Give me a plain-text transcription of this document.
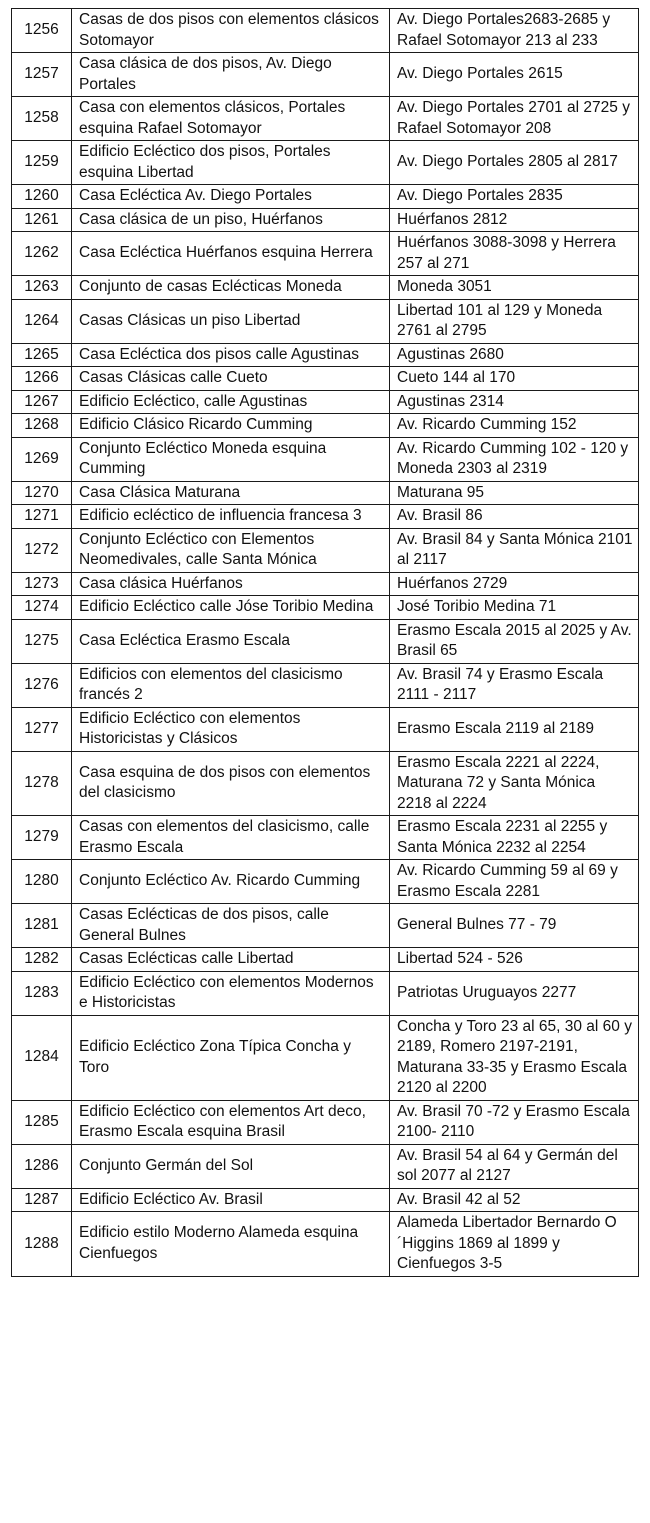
1256	Casas de dos pisos con elementos clásicos Sotomayor	Av. Diego Portales2683-2685 y Rafael Sotomayor 213 al 233
1257	Casa clásica de dos pisos, Av. Diego Portales	Av. Diego Portales 2615
1258	Casa con elementos clásicos, Portales esquina Rafael Sotomayor	Av. Diego Portales 2701 al 2725 y Rafael Sotomayor 208
1259	Edificio Ecléctico dos pisos, Portales esquina Libertad	Av. Diego Portales 2805 al 2817
1260	Casa Ecléctica Av. Diego Portales	Av. Diego Portales 2835
1261	Casa clásica de un piso, Huérfanos	Huérfanos 2812
1262	Casa Ecléctica Huérfanos esquina Herrera	Huérfanos 3088-3098 y Herrera 257 al 271
1263	Conjunto de casas Eclécticas Moneda	Moneda 3051
1264	Casas Clásicas un piso Libertad	Libertad 101 al 129 y Moneda 2761 al 2795
1265	Casa Ecléctica dos pisos calle Agustinas	Agustinas 2680
1266	Casas Clásicas calle Cueto	Cueto 144 al 170
1267	Edificio Ecléctico, calle Agustinas	Agustinas 2314
1268	Edificio Clásico Ricardo Cumming	Av. Ricardo Cumming 152
1269	Conjunto Ecléctico Moneda esquina Cumming	Av. Ricardo Cumming 102 - 120 y Moneda 2303 al 2319
1270	Casa Clásica Maturana	Maturana 95
1271	Edificio ecléctico de influencia francesa 3	Av. Brasil 86
1272	Conjunto Ecléctico con Elementos Neomedivales, calle Santa Mónica	Av. Brasil 84 y Santa Mónica 2101 al 2117
1273	Casa clásica Huérfanos	Huérfanos 2729
1274	Edificio Ecléctico calle Jóse Toribio Medina	José Toribio Medina 71
1275	Casa Ecléctica Erasmo Escala	Erasmo Escala 2015 al 2025 y Av. Brasil 65
1276	Edificios con elementos del clasicismo francés 2	Av. Brasil 74 y Erasmo Escala 2111 - 2117
1277	Edificio Ecléctico con elementos Historicistas y Clásicos	Erasmo Escala 2119 al 2189
1278	Casa esquina de dos pisos con elementos del clasicismo	Erasmo Escala 2221 al 2224, Maturana 72 y Santa Mónica 2218 al 2224
1279	Casas con elementos del clasicismo, calle Erasmo Escala	Erasmo Escala 2231 al 2255 y Santa Mónica 2232 al 2254
1280	Conjunto Ecléctico Av. Ricardo Cumming	Av. Ricardo Cumming 59 al 69 y Erasmo Escala 2281
1281	Casas Eclécticas de dos pisos, calle General Bulnes	General Bulnes 77 - 79
1282	Casas Eclécticas calle Libertad	Libertad 524 - 526
1283	Edificio Ecléctico con elementos Modernos e Historicistas	Patriotas Uruguayos 2277
1284	Edificio Ecléctico Zona Típica Concha y Toro	Concha y Toro 23 al 65, 30 al 60 y 2189, Romero 2197-2191, Maturana 33-35 y Erasmo Escala 2120 al 2200
1285	Edificio Ecléctico con elementos Art deco, Erasmo Escala esquina Brasil	Av. Brasil 70 -72 y Erasmo Escala 2100- 2110
1286	Conjunto Germán del Sol	Av. Brasil 54 al 64 y Germán del sol 2077 al 2127
1287	Edificio Ecléctico Av. Brasil	Av. Brasil 42 al 52
1288	Edificio estilo Moderno Alameda esquina Cienfuegos	Alameda Libertador Bernardo O´Higgins 1869 al 1899 y Cienfuegos 3-5
